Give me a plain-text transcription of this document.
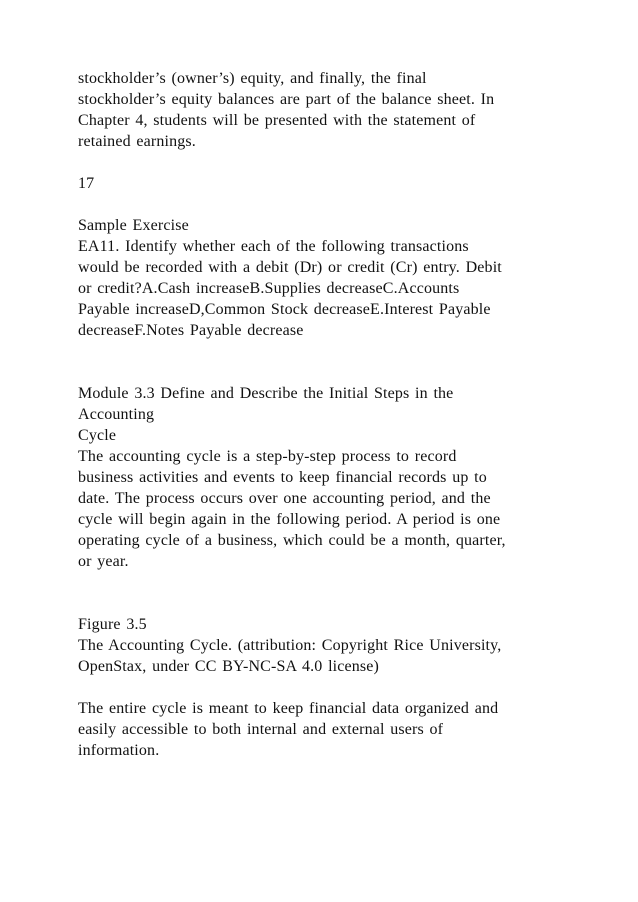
stockholder’s (owner’s) equity, and finally, the final
stockholder’s equity balances are part of the balance sheet. In
Chapter 4, students will be presented with the statement of
retained earnings.
17
Sample Exercise
EA11. Identify whether each of the following transactions
would be recorded with a debit (Dr) or credit (Cr) entry. Debit
or credit?A.Cash increaseB.Supplies decreaseC.Accounts
Payable increaseD,Common Stock decreaseE.Interest Payable
decreaseF.Notes Payable decrease
Module 3.3 Define and Describe the Initial Steps in the
Accounting
Cycle
The accounting cycle is a step-by-step process to record
business activities and events to keep financial records up to
date. The process occurs over one accounting period, and the
cycle will begin again in the following period. A period is one
operating cycle of a business, which could be a month, quarter,
or year.
Figure 3.5
The Accounting Cycle. (attribution: Copyright Rice University,
OpenStax, under CC BY-NC-SA 4.0 license)
The entire cycle is meant to keep financial data organized and
easily accessible to both internal and external users of
information.
